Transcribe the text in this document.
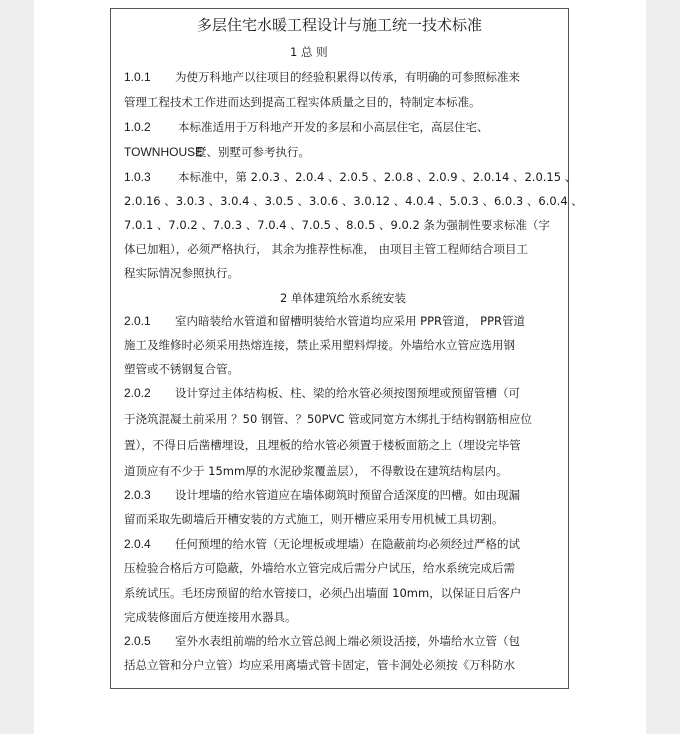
多层住宅水暖工程设计与施工统一技术标准
1 总 则
1.0.1 为使万科地产以往项目的经验积累得以传承，有明确的可参照标准来
管理工程技术工作进而达到提高工程实体质量之目的，特制定本标准。
1.0.2 本标准适用于万科地产开发的多层和小高层住宅，高层住宅、
TOWNHOUSE
墅、别墅可参考执行。
1.0.3 本标准中，第 2.0.3 、2.0.4 、2.0.5 、2.0.8 、2.0.9 、2.0.14 、2.0.15 、
2.0.16 、3.0.3 、3.0.4 、3.0.5 、3.0.6 、3.0.12 、4.0.4 、5.0.3 、6.0.3 、6.0.4 、
7.0.1 、7.0.2 、7.0.3 、7.0.4 、7.0.5 、8.0.5 、9.0.2 条为强制性要求标准（字
体已加粗），必须严格执行， 其余为推荐性标准， 由项目主管工程师结合项目工
程实际情况参照执行。
2 单体建筑给水系统安装
2.0.1 室内暗装给水管道和留槽明装给水管道均应采用 PPR管道， PPR管道
施工及维修时必须采用热熔连接，禁止采用塑料焊接。外墙给水立管应选用钢
塑管或不锈钢复合管。
2.0.2 设计穿过主体结构板、柱、梁的给水管必须按图预埋或预留管槽（可
于浇筑混凝土前采用 ？50 钢管、？50PVC 管或同宽方木绑扎于结构钢筋相应位
置），不得日后凿槽埋设，且埋板的给水管必须置于楼板面筋之上（埋设完毕管
道顶应有不少于 15mm厚的水泥砂浆覆盖层）， 不得敷设在建筑结构层内。
2.0.3 设计埋墙的给水管道应在墙体砌筑时预留合适深度的凹槽。如由现漏
留而采取先砌墙后开槽安装的方式施工，则开槽应采用专用机械工具切割。
2.0.4 任何预埋的给水管（无论埋板或埋墙）在隐蔽前均必须经过严格的试
压检验合格后方可隐蔽，外墙给水立管完成后需分户试压，给水系统完成后需
系统试压。毛坯房预留的给水管接口，必须凸出墙面 10mm，以保证日后客户
完成装修面后方便连接用水器具。
2.0.5 室外水表组前端的给水立管总阀上端必须设活接，外墙给水立管（包
括总立管和分户立管）均应采用离墙式管卡固定，管卡洞处必须按《万科防水
